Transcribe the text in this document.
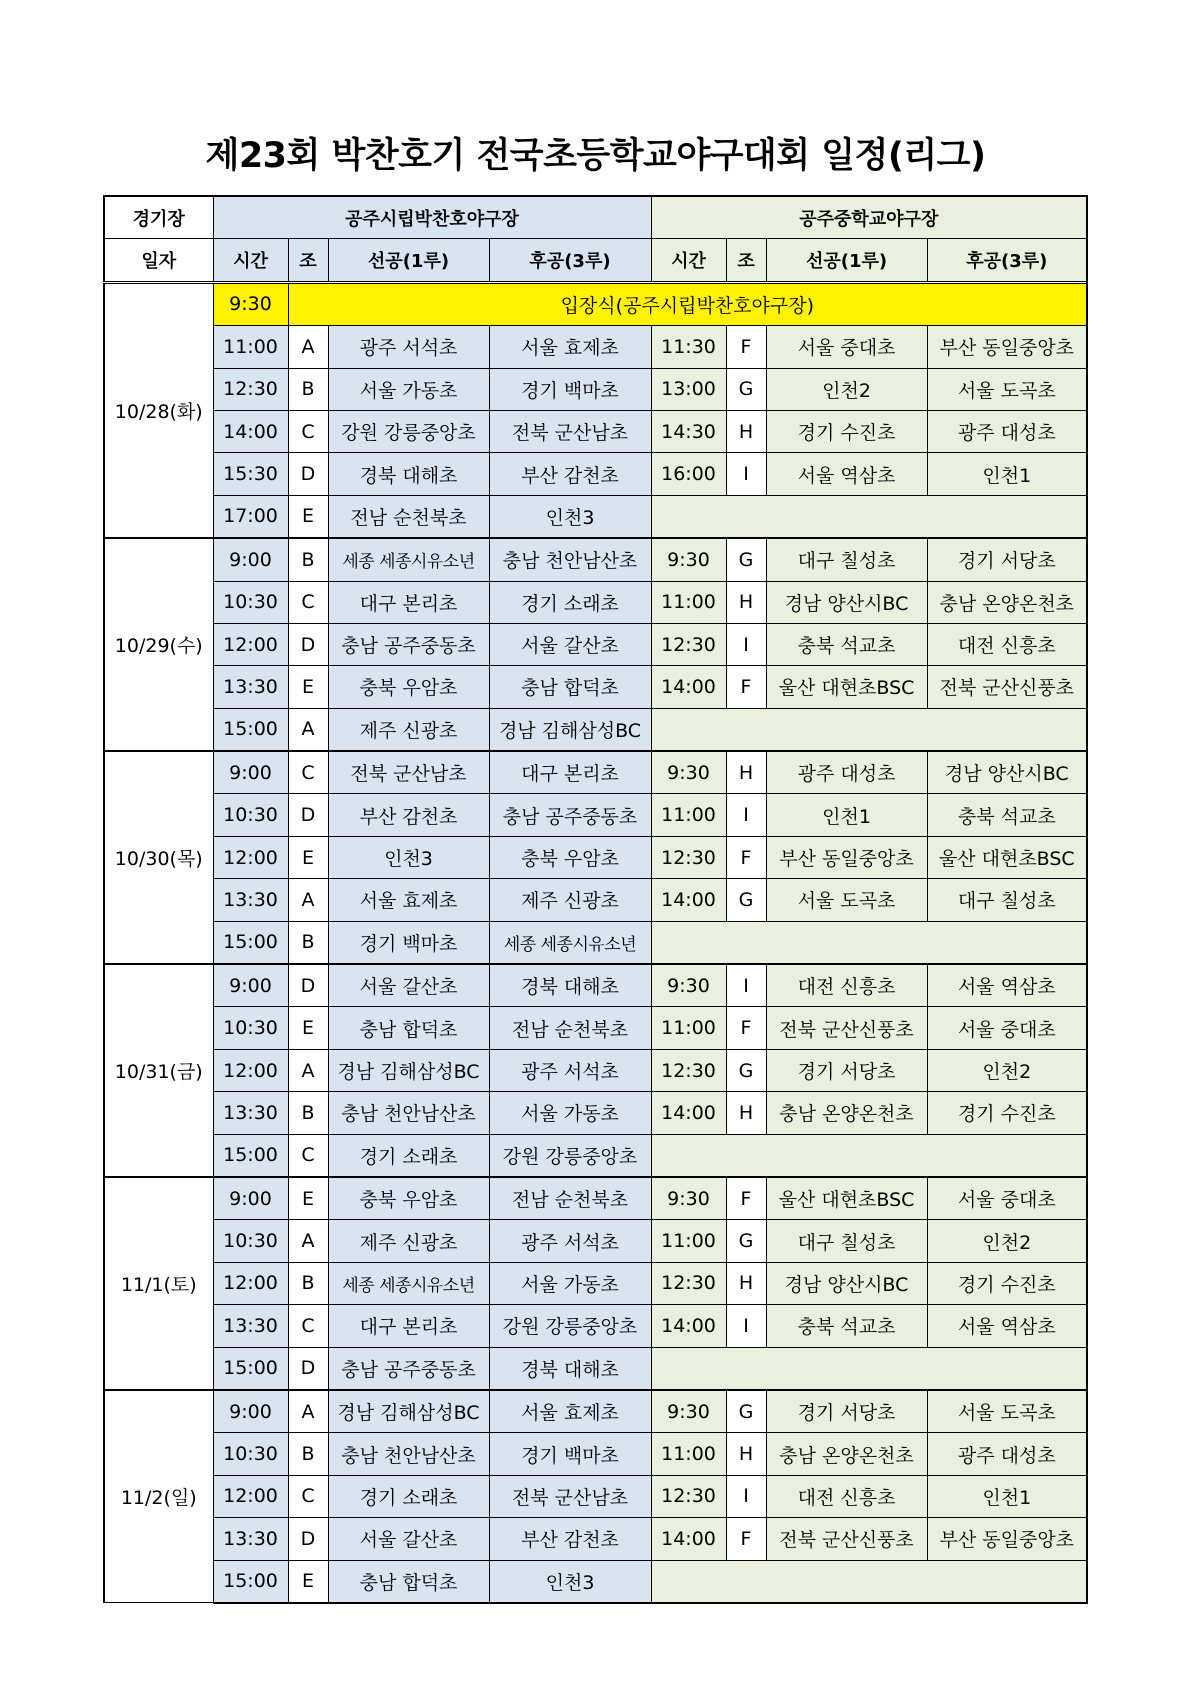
제23회 박찬호기 전국초등학교야구대회 일정(리그)
경기장	공주시립박찬호야구장				공주중학교야구장			
일자	시간	조	선공(1루)	후공(3루)	시간	조	선공(1루)	후공(3루)
10/28(화)	9:30	입장식(공주시립박찬호야구장)						
	11:00	A	광주 서석초	서울 효제초	11:30	F	서울 중대초	부산 동일중앙초
	12:30	B	서울 가동초	경기 백마초	13:00	G	인천2	서울 도곡초
	14:00	C	강원 강릉중앙초	전북 군산남초	14:30	H	경기 수진초	광주 대성초
	15:30	D	경북 대해초	부산 감천초	16:00	I	서울 역삼초	인천1
	17:00	E	전남 순천북초	인천3				
10/29(수)	9:00	B	세종 세종시유소년	충남 천안남산초	9:30	G	대구 칠성초	경기 서당초
	10:30	C	대구 본리초	경기 소래초	11:00	H	경남 양산시BC	충남 온양온천초
	12:00	D	충남 공주중동초	서울 갈산초	12:30	I	충북 석교초	대전 신흥초
	13:30	E	충북 우암초	충남 합덕초	14:00	F	울산 대현초BSC	전북 군산신풍초
	15:00	A	제주 신광초	경남 김해삼성BC				
10/30(목)	9:00	C	전북 군산남초	대구 본리초	9:30	H	광주 대성초	경남 양산시BC
	10:30	D	부산 감천초	충남 공주중동초	11:00	I	인천1	충북 석교초
	12:00	E	인천3	충북 우암초	12:30	F	부산 동일중앙초	울산 대현초BSC
	13:30	A	서울 효제초	제주 신광초	14:00	G	서울 도곡초	대구 칠성초
	15:00	B	경기 백마초	세종 세종시유소년				
10/31(금)	9:00	D	서울 갈산초	경북 대해초	9:30	I	대전 신흥초	서울 역삼초
	10:30	E	충남 합덕초	전남 순천북초	11:00	F	전북 군산신풍초	서울 중대초
	12:00	A	경남 김해삼성BC	광주 서석초	12:30	G	경기 서당초	인천2
	13:30	B	충남 천안남산초	서울 가동초	14:00	H	충남 온양온천초	경기 수진초
	15:00	C	경기 소래초	강원 강릉중앙초				
11/1(토)	9:00	E	충북 우암초	전남 순천북초	9:30	F	울산 대현초BSC	서울 중대초
	10:30	A	제주 신광초	광주 서석초	11:00	G	대구 칠성초	인천2
	12:00	B	세종 세종시유소년	서울 가동초	12:30	H	경남 양산시BC	경기 수진초
	13:30	C	대구 본리초	강원 강릉중앙초	14:00	I	충북 석교초	서울 역삼초
	15:00	D	충남 공주중동초	경북 대해초				
11/2(일)	9:00	A	경남 김해삼성BC	서울 효제초	9:30	G	경기 서당초	서울 도곡초
	10:30	B	충남 천안남산초	경기 백마초	11:00	H	충남 온양온천초	광주 대성초
	12:00	C	경기 소래초	전북 군산남초	12:30	I	대전 신흥초	인천1
	13:30	D	서울 갈산초	부산 감천초	14:00	F	전북 군산신풍초	부산 동일중앙초
	15:00	E	충남 합덕초	인천3				
